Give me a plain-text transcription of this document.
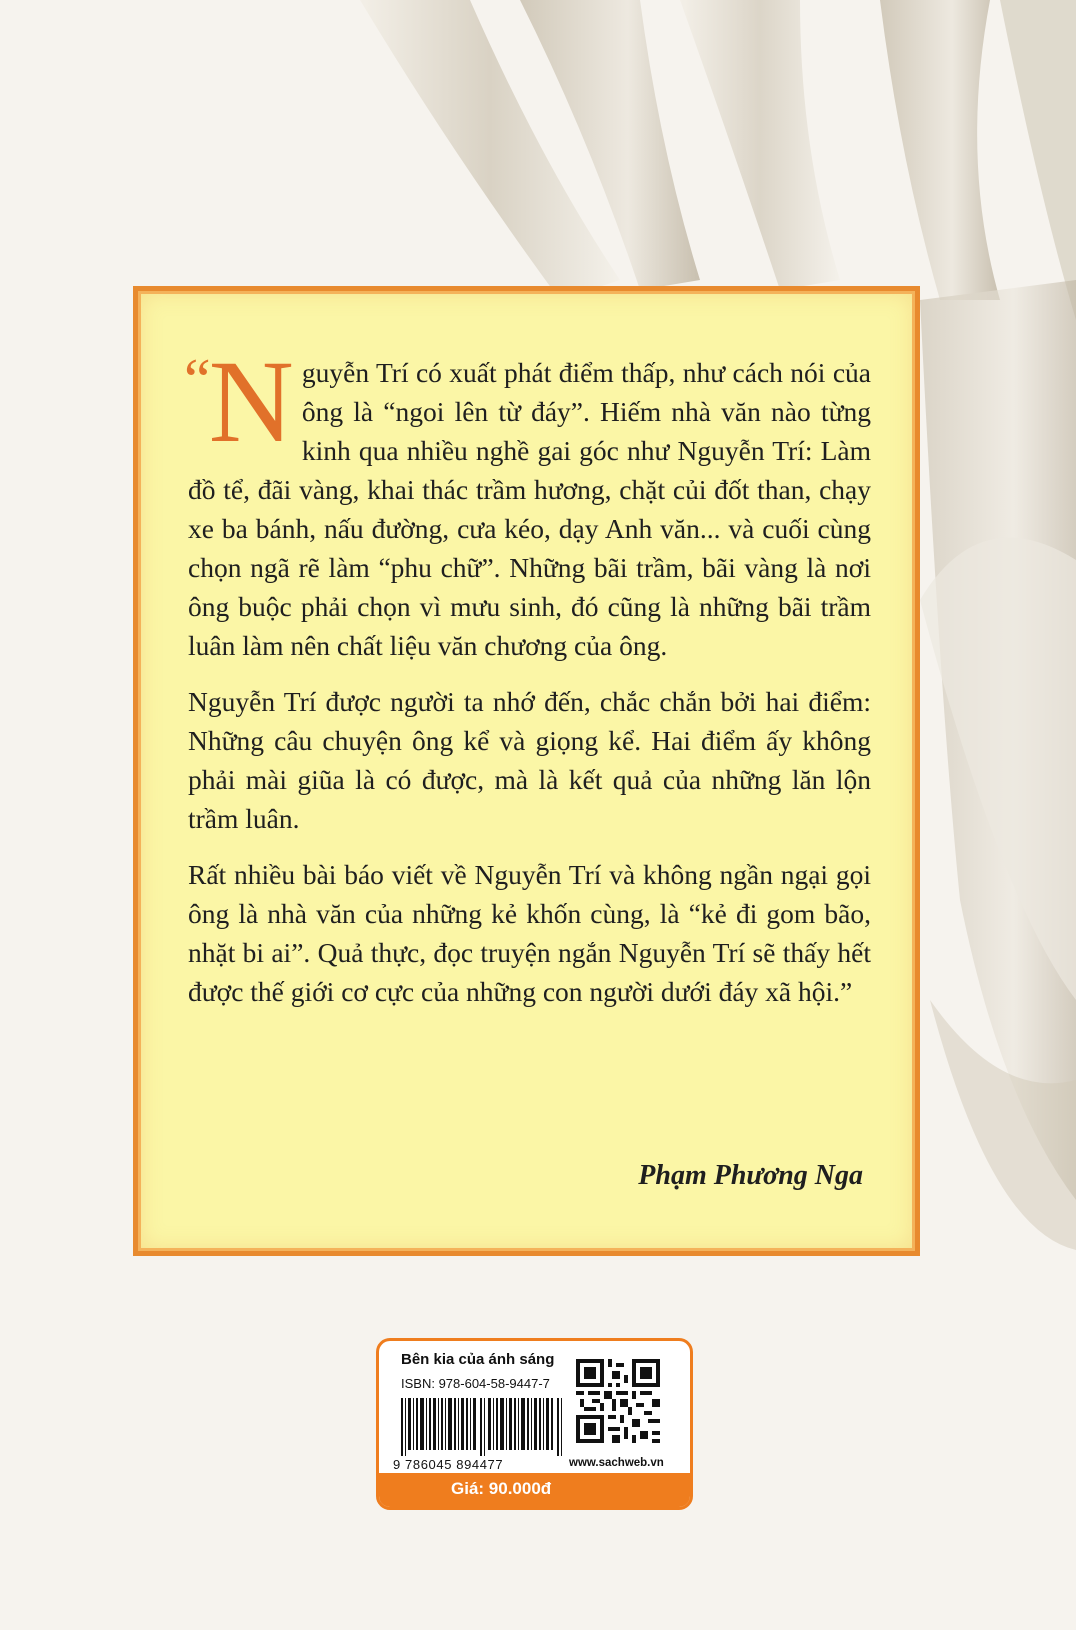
“
N guyễn Trí có xuất phát điểm thấp, như cách nói của ông là “ngoi lên từ đáy”. Hiếm nhà văn nào từng kinh qua nhiều nghề gai góc như Nguyễn Trí: Làm đồ tể, đãi vàng, khai thác trầm hương, chặt củi đốt than, chạy xe ba bánh, nấu đường, cưa kéo, dạy Anh văn... và cuối cùng chọn ngã rẽ làm “phu chữ”. Những bãi trầm, bãi vàng là nơi ông buộc phải chọn vì mưu sinh, đó cũng là những bãi trầm luân làm nên chất liệu văn chương của ông.

Nguyễn Trí được người ta nhớ đến, chắc chắn bởi hai điểm: Những câu chuyện ông kể và giọng kể. Hai điểm ấy không phải mài giũa là có được, mà là kết quả của những lăn lộn trầm luân.

Rất nhiều bài báo viết về Nguyễn Trí và không ngần ngại gọi ông là nhà văn của những kẻ khốn cùng, là “kẻ đi gom bão, nhặt bi ai”. Quả thực, đọc truyện ngắn Nguyễn Trí sẽ thấy hết được thế giới cơ cực của những con người dưới đáy xã hội.”

Phạm Phương Nga
Bên kia của ánh sáng
ISBN: 978-604-58-9447-7
9 786045 894477	www.sachweb.vn
Giá: 90.000đ
